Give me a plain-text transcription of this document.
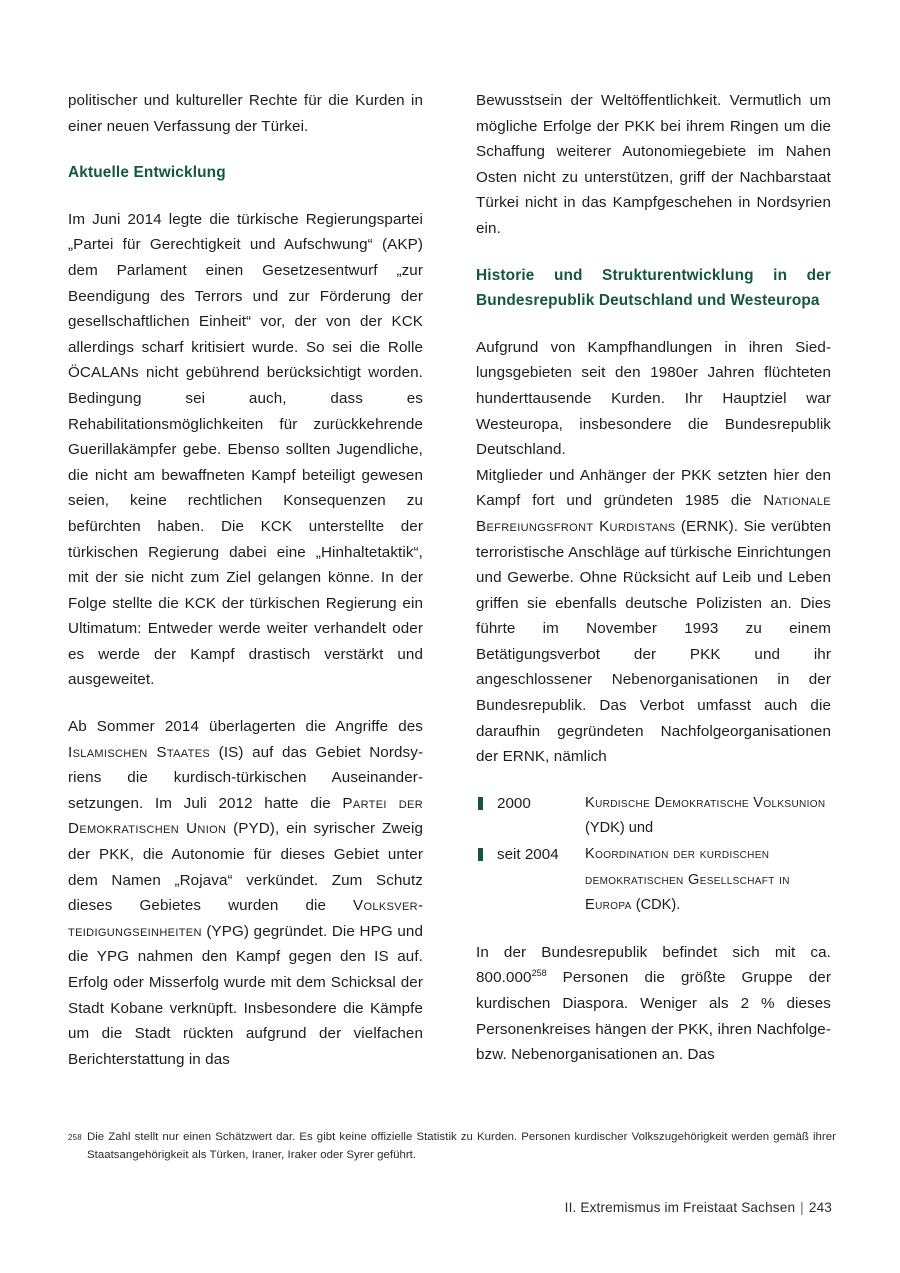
politischer und kultureller Rechte für die Kurden in einer neuen Verfassung der Türkei.

Aktuelle Entwicklung

Im Juni 2014 legte die türkische Regierungspartei „Partei für Gerechtigkeit und Aufschwung“ (AKP) dem Parlament einen Gesetzesentwurf „zur Beendigung des Terrors und zur Förderung der gesellschaftlichen Einheit“ vor, der von der KCK allerdings scharf kritisiert wurde. So sei die Rolle ÖCALANs nicht gebührend berücksichtigt worden. Bedingung sei auch, dass es Rehabilitationsmöglichkeiten für zurückkehrende Guerillakämpfer gebe. Ebenso sollten Jugendliche, die nicht am bewaffneten Kampf beteiligt gewesen seien, keine rechtlichen Konsequenzen zu befürchten haben. Die KCK unterstellte der türkischen Regierung dabei eine „Hinhaltetaktik“, mit der sie nicht zum Ziel gelangen könne. In der Folge stellte die KCK der türkischen Regierung ein Ultimatum: Entweder werde weiter verhandelt oder es werde der Kampf drastisch verstärkt und ausgeweitet.

Ab Sommer 2014 überlagerten die Angriffe des Islamischen Staates (IS) auf das Gebiet Nordsyriens die kurdisch-türkischen Auseinandersetzungen. Im Juli 2012 hatte die Partei der Demokratischen Union (PYD), ein syrischer Zweig der PKK, die Autonomie für dieses Gebiet unter dem Namen „Rojava“ verkündet. Zum Schutz dieses Gebietes wurden die Volksverteidigungseinheiten (YPG) gegründet. Die HPG und die YPG nahmen den Kampf gegen den IS auf. Erfolg oder Misserfolg wurde mit dem Schicksal der Stadt Kobane verknüpft. Insbesondere die Kämpfe um die Stadt rückten aufgrund der vielfachen Berichterstattung in das

Bewusstsein der Weltöffentlichkeit. Vermutlich um mögliche Erfolge der PKK bei ihrem Ringen um die Schaffung weiterer Autonomiegebiete im Nahen Osten nicht zu unterstützen, griff der Nachbarstaat Türkei nicht in das Kampfgeschehen in Nordsyrien ein.

Historie und Strukturentwicklung in der Bundesrepublik Deutschland und Westeuropa

Aufgrund von Kampfhandlungen in ihren Siedlungsgebieten seit den 1980er Jahren flüchteten hunderttausende Kurden. Ihr Hauptziel war Westeuropa, insbesondere die Bundesrepublik Deutschland.

Mitglieder und Anhänger der PKK setzten hier den Kampf fort und gründeten 1985 die Nationale Befreiungsfront Kurdistans (ERNK). Sie verübten terroristische Anschläge auf türkische Einrichtungen und Gewerbe. Ohne Rücksicht auf Leib und Leben griffen sie ebenfalls deutsche Polizisten an. Dies führte im November 1993 zu einem Betätigungsverbot der PKK und ihr angeschlossener Nebenorganisationen in der Bundesrepublik. Das Verbot umfasst auch die daraufhin gegründeten Nachfolgeorganisationen der ERNK, nämlich

2000	Kurdische Demokratische Volksunion (YDK) und
seit 2004	Koordination der kurdischen demokratischen Gesellschaft in Europa (CDK).

In der Bundesrepublik befindet sich mit ca. 800.000$^{258}$ Personen die größte Gruppe der kurdischen Diaspora. Weniger als 2 % dieses Personenkreises hängen der PKK, ihren Nachfolge- bzw. Nebenorganisationen an. Das

258 Die Zahl stellt nur einen Schätzwert dar. Es gibt keine offizielle Statistik zu Kurden. Personen kurdischer Volkszugehörigkeit werden gemäß ihrer Staatsangehörigkeit als Türken, Iraner, Iraker oder Syrer geführt.
II. Extremismus im Freistaat Sachsen | 243
